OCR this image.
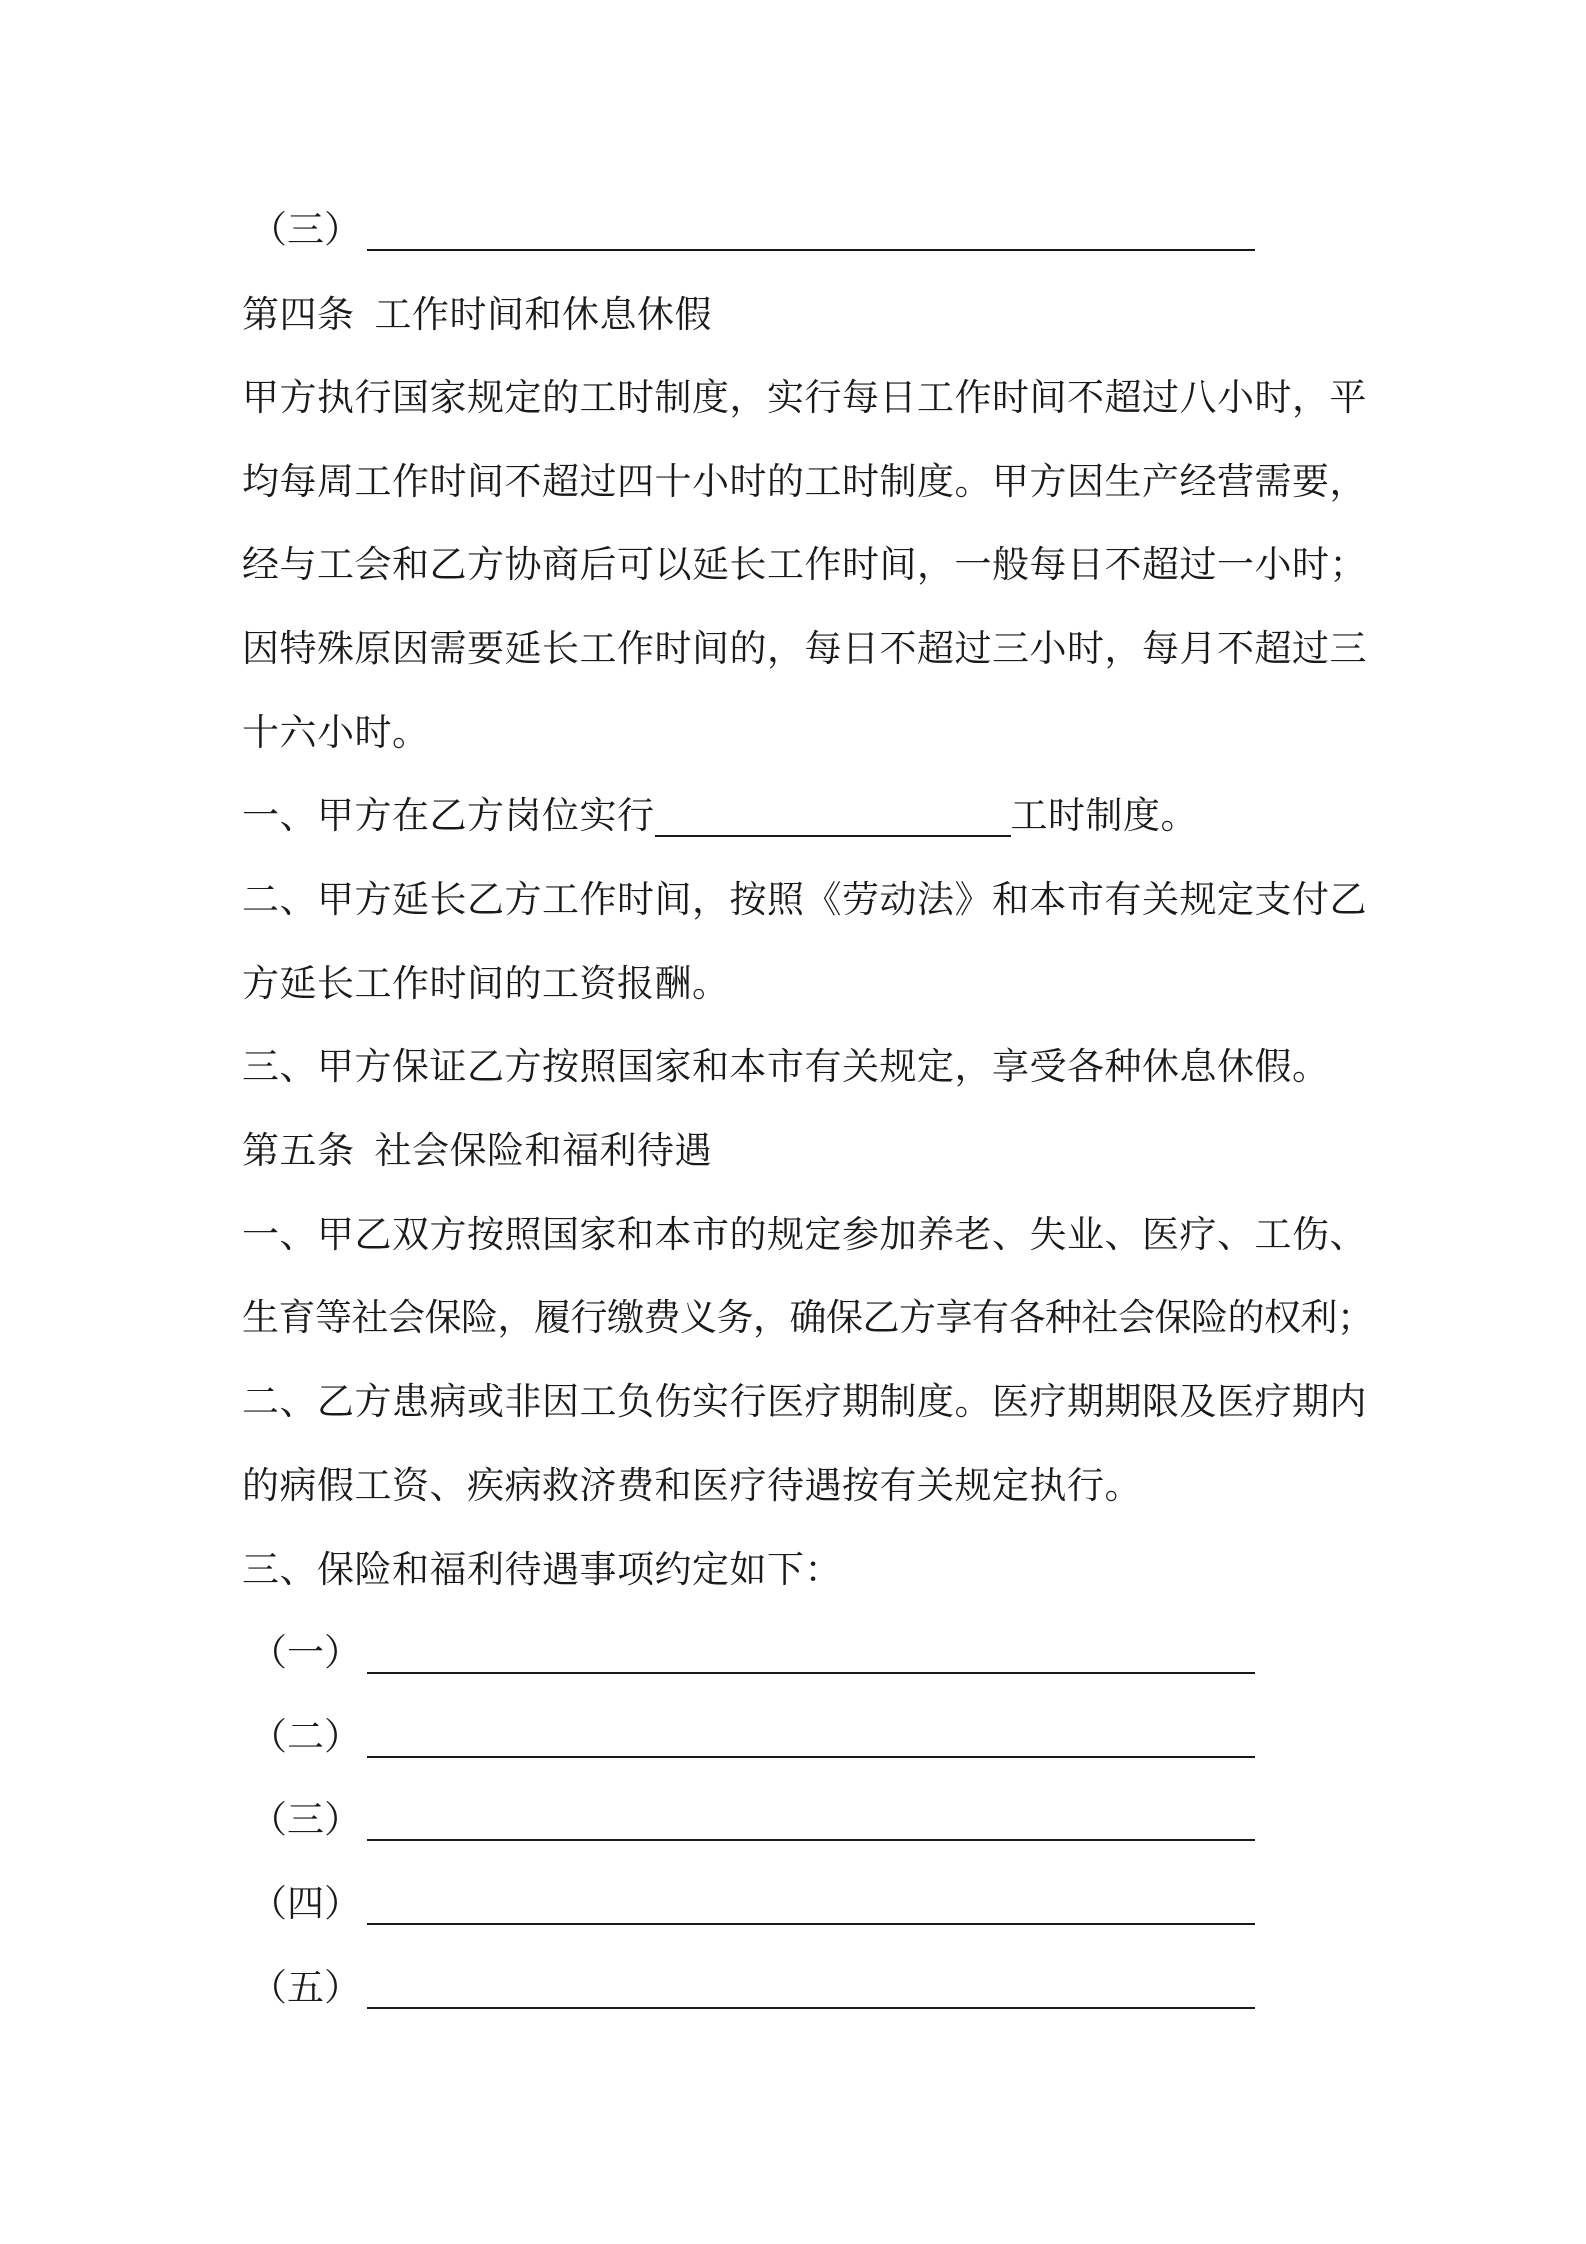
（三）
第四条 工作时间和休息休假
甲方执行国家规定的工时制度，实行每日工作时间不超过八小时，平
均每周工作时间不超过四十小时的工时制度。甲方因生产经营需要，
经与工会和乙方协商后可以延长工作时间，一般每日不超过一小时；
因特殊原因需要延长工作时间的，每日不超过三小时，每月不超过三
十六小时。
一、甲方在乙方岗位实行	工时制度。
二、甲方延长乙方工作时间，按照《劳动法》和本市有关规定支付乙
方延长工作时间的工资报酬。
三、甲方保证乙方按照国家和本市有关规定，享受各种休息休假。
第五条 社会保险和福利待遇
一、甲乙双方按照国家和本市的规定参加养老、失业、医疗、工伤、
生育等社会保险，履行缴费义务，确保乙方享有各种社会保险的权利；
二、乙方患病或非因工负伤实行医疗期制度。医疗期期限及医疗期内
的病假工资、疾病救济费和医疗待遇按有关规定执行。
三、保险和福利待遇事项约定如下：
（一）
（二）
（三）
（四）
（五）
